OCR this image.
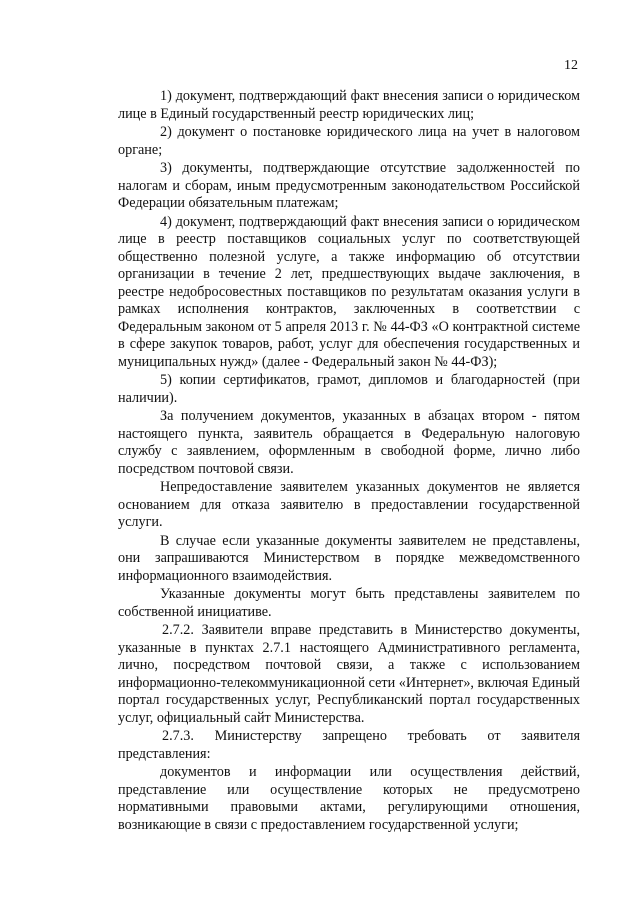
12

1) документ, подтверждающий факт внесения записи о юридическом лице в Единый государственный реестр юридических лиц;

2) документ о постановке юридического лица на учет в налоговом органе;

3) документы, подтверждающие отсутствие задолженностей по налогам и сборам, иным предусмотренным законодательством Российской Федерации обязательным платежам;

4) документ, подтверждающий факт внесения записи о юридическом лице в реестр поставщиков социальных услуг по соответствующей общественно полезной услуге, а также информацию об отсутствии организации в течение 2 лет, предшествующих выдаче заключения, в реестре недобросовестных поставщиков по результатам оказания услуги в рамках исполнения контрактов, заключенных в соответствии с Федеральным законом от 5 апреля 2013 г. № 44-ФЗ «О контрактной системе в сфере закупок товаров, работ, услуг для обеспечения государственных и муниципальных нужд» (далее - Федеральный закон № 44-ФЗ);

5) копии сертификатов, грамот, дипломов и благодарностей (при наличии).

За получением документов, указанных в абзацах втором - пятом настоящего пункта, заявитель обращается в Федеральную налоговую службу с заявлением, оформленным в свободной форме, лично либо посредством почтовой связи.

Непредоставление заявителем указанных документов не является основанием для отказа заявителю в предоставлении государственной услуги.

В случае если указанные документы заявителем не представлены, они запрашиваются Министерством в порядке межведомственного информационного взаимодействия.

Указанные документы могут быть представлены заявителем по собственной инициативе.

2.7.2. Заявители вправе представить в Министерство документы, указанные в пунктах 2.7.1 настоящего Административного регламента, лично, посредством почтовой связи, а также с использованием информационно-телекоммуникационной сети «Интернет», включая Единый портал государственных услуг, Республиканский портал государственных услуг, официальный сайт Министерства.

2.7.3. Министерству запрещено требовать от заявителя представления:

документов и информации или осуществления действий, представление или осуществление которых не предусмотрено нормативными правовыми актами, регулирующими отношения, возникающие в связи с предоставлением государственной услуги;
